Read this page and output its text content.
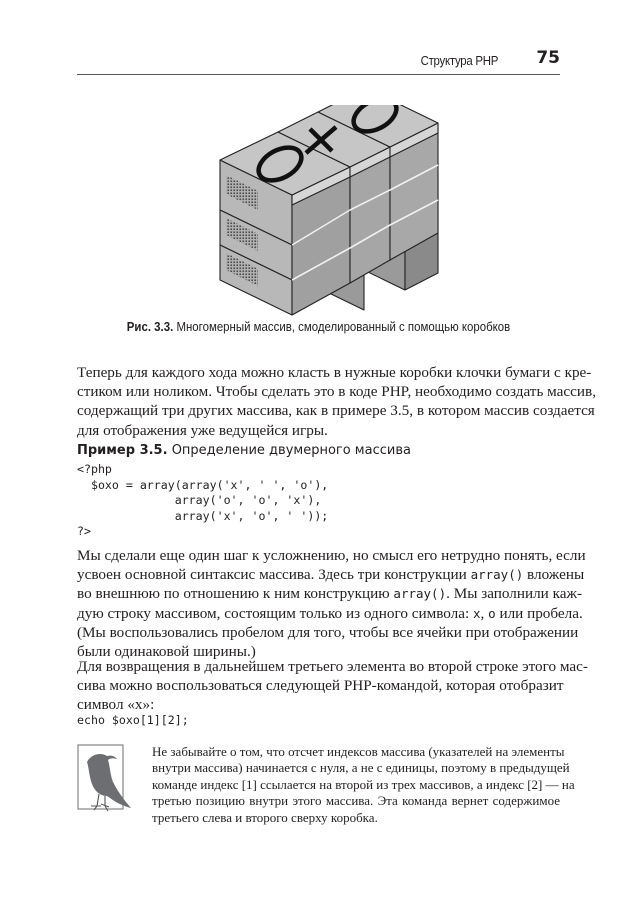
Структура PHP 75
Рис. 3.3. Многомерный массив, смоделированный с помощью коробков
Теперь для каждого хода можно класть в нужные коробки клочки бумаги с кре-
стиком или ноликом. Чтобы сделать это в коде PHP, необходимо создать массив,
содержащий три других массива, как в примере 3.5, в котором массив создается
для отображения уже ведущейся игры.
Пример 3.5. Определение двумерного массива
<?php
$oxo = array(array('x', ' ', 'o'),
array('o', 'o', 'x'),
array('x', 'o', ' '));
?>
Мы сделали еще один шаг к усложнению, но смысл его нетрудно понять, если
усвоен основной синтаксис массива. Здесь три конструкции array() вложены
во внешнюю по отношению к ним конструкцию array(). Мы заполнили каж-
дую строку массивом, состоящим только из одного символа: x, o или пробела.
(Мы воспользовались пробелом для того, чтобы все ячейки при отображении
были одинаковой ширины.)
Для возвращения в дальнейшем третьего элемента во второй строке этого мас-
сива можно воспользоваться следующей PHP-командой, которая отобразит
символ «x»:
echo $oxo[1][2];
Не забывайте о том, что отсчет индексов массива (указателей на элементы
внутри массива) начинается с нуля, а не с единицы, поэтому в предыдущей
команде индекс [1] ссылается на второй из трех массивов, а индекс [2] — на
третью позицию внутри этого массива. Эта команда вернет содержимое
третьего слева и второго сверху коробка.
